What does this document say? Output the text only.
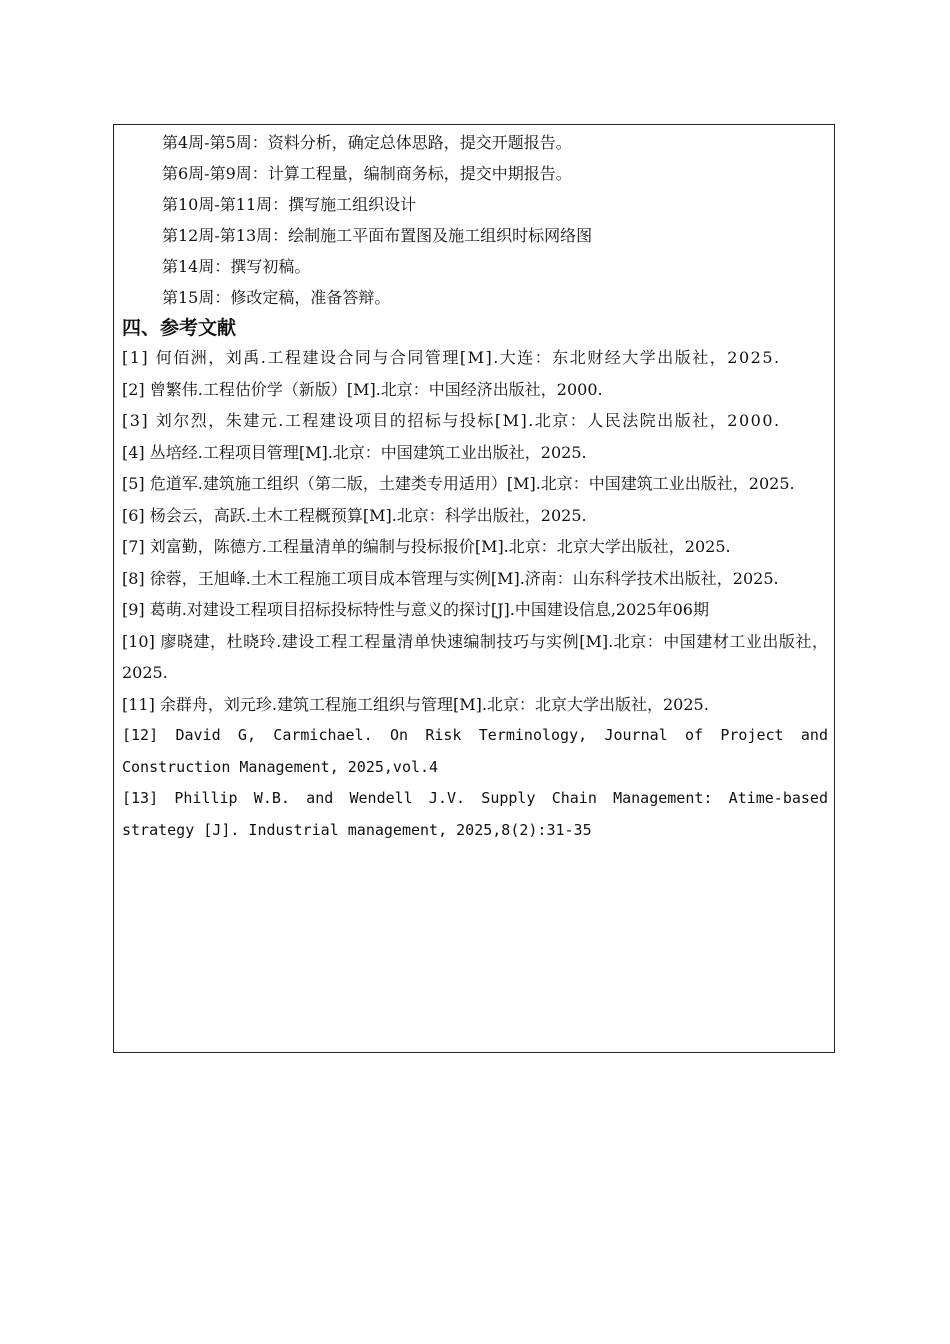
第4周-第5周：资料分析，确定总体思路，提交开题报告。
第6周-第9周：计算工程量，编制商务标，提交中期报告。
第10周-第11周：撰写施工组织设计
第12周-第13周：绘制施工平面布置图及施工组织时标网络图
第14周：撰写初稿。
第15周：修改定稿，准备答辩。
四、参考文献
[1] 何佰洲，刘禹.工程建设合同与合同管理[M].大连：东北财经大学出版社，2025.
[2] 曾繁伟.工程估价学（新版）[M].北京：中国经济出版社，2000.
[3] 刘尔烈，朱建元.工程建设项目的招标与投标[M].北京：人民法院出版社，2000.
[4] 丛培经.工程项目管理[M].北京：中国建筑工业出版社，2025.
[5] 危道军.建筑施工组织（第二版，土建类专用适用）[M].北京：中国建筑工业出版社，2025.
[6] 杨会云，高跃.土木工程概预算[M].北京：科学出版社，2025.
[7] 刘富勤，陈德方.工程量清单的编制与投标报价[M].北京：北京大学出版社，2025.
[8] 徐蓉，王旭峰.土木工程施工项目成本管理与实例[M].济南：山东科学技术出版社，2025.
[9] 葛萌.对建设工程项目招标投标特性与意义的探讨[J].中国建设信息,2025年06期
[10] 廖晓建，杜晓玲.建设工程工程量清单快速编制技巧与实例[M].北京：中国建材工业出版社，2025.
[11] 余群舟，刘元珍.建筑工程施工组织与管理[M].北京：北京大学出版社，2025.
[12] David G, Carmichael. On Risk Terminology, Journal of Project and Construction Management, 2025,vol.4
[13] Phillip W.B. and Wendell J.V. Supply Chain Management: Atime-based strategy [J]. Industrial management, 2025,8(2):31-35
